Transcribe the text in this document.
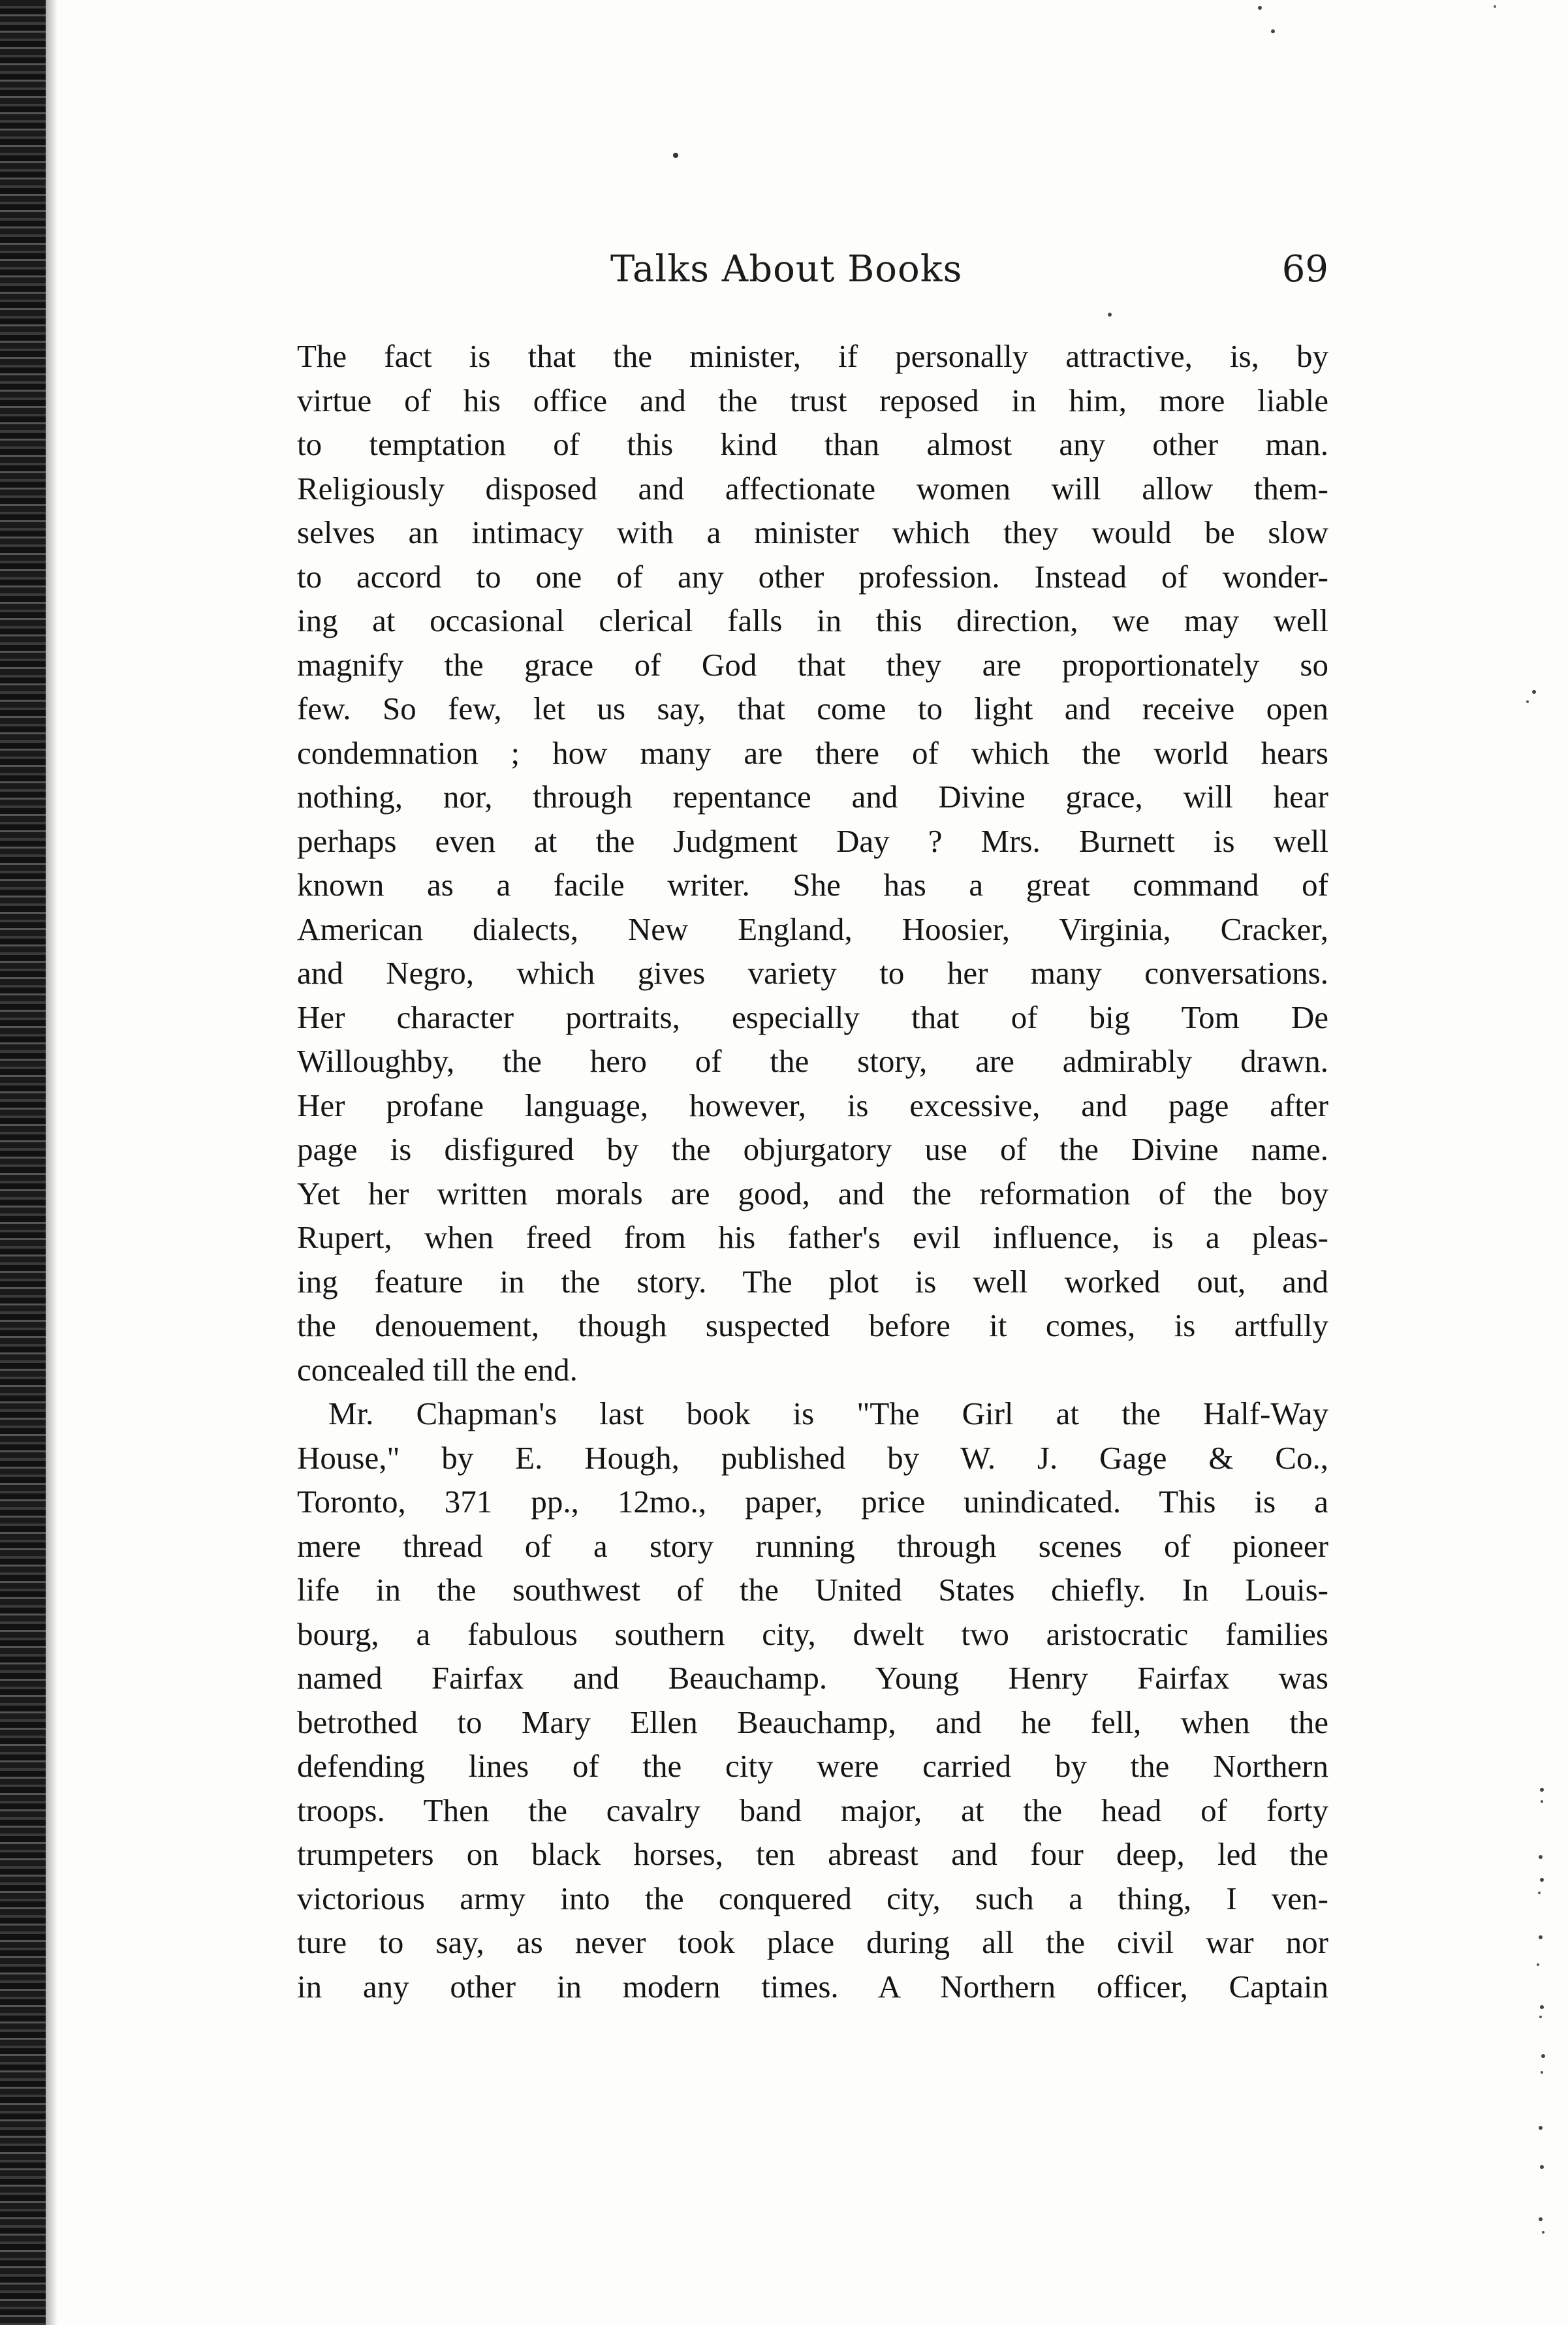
Talks About Books	69
The fact is that the minister, if personally attractive, is, by
virtue of his office and the trust reposed in him, more liable
to temptation of this kind than almost any other man.
Religiously disposed and affectionate women will allow them-
selves an intimacy with a minister which they would be slow
to accord to one of any other profession. Instead of wonder-
ing at occasional clerical falls in this direction, we may well
magnify the grace of God that they are proportionately so
few. So few, let us say, that come to light and receive open
condemnation ; how many are there of which the world hears
nothing, nor, through repentance and Divine grace, will hear
perhaps even at the Judgment Day ? Mrs. Burnett is well
known as a facile writer. She has a great command of
American dialects, New England, Hoosier, Virginia, Cracker,
and Negro, which gives variety to her many conversations.
Her character portraits, especially that of big Tom De
Willoughby, the hero of the story, are admirably drawn.
Her profane language, however, is excessive, and page after
page is disfigured by the objurgatory use of the Divine name.
Yet her written morals are good, and the reformation of the boy
Rupert, when freed from his father's evil influence, is a pleas-
ing feature in the story. The plot is well worked out, and
the denouement, though suspected before it comes, is artfully
concealed till the end.
Mr. Chapman's last book is "The Girl at the Half-Way
House," by E. Hough, published by W. J. Gage & Co.,
Toronto, 371 pp., 12mo., paper, price unindicated. This is a
mere thread of a story running through scenes of pioneer
life in the southwest of the United States chiefly. In Louis-
bourg, a fabulous southern city, dwelt two aristocratic families
named Fairfax and Beauchamp. Young Henry Fairfax was
betrothed to Mary Ellen Beauchamp, and he fell, when the
defending lines of the city were carried by the Northern
troops. Then the cavalry band major, at the head of forty
trumpeters on black horses, ten abreast and four deep, led the
victorious army into the conquered city, such a thing, I ven-
ture to say, as never took place during all the civil war nor
in any other in modern times. A Northern officer, Captain
